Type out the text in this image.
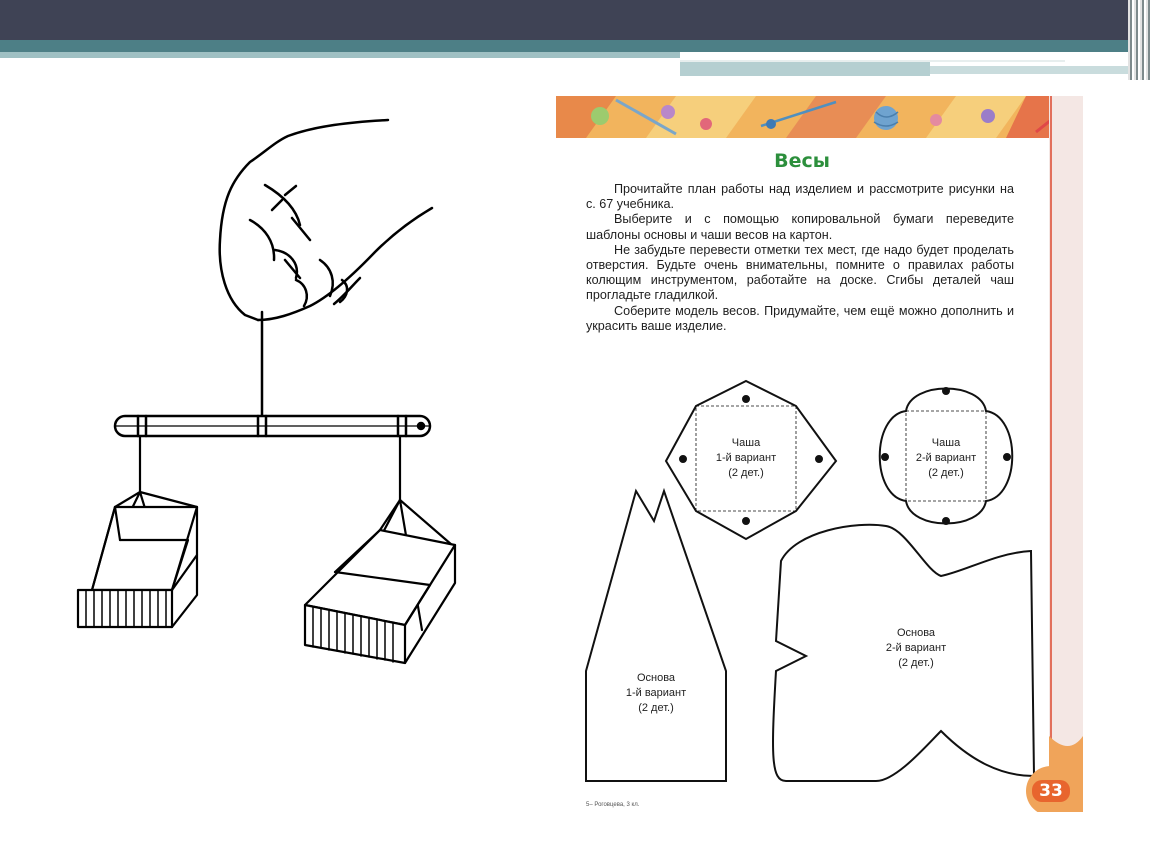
Весы

Прочитайте план работы над изделием и рассмотрите рисунки на с. 67 учебника.

Выберите и с помощью копировальной бумаги переведите шаблоны основы и чаши весов на картон.

Не забудьте перевести отметки тех мест, где надо будет проделать отверстия. Будьте очень внимательны, помните о правилах работы колющим инструментом, работайте на доске. Сгибы деталей чаш прогладьте гладилкой.

Соберите модель весов. Придумайте, чем ещё можно дополнить и украсить ваше изделие.

Чаша
1-й вариант
(2 дет.)
Чаша
2-й вариант
(2 дет.)
Основа
1-й вариант
(2 дет.)
Основа
2-й вариант
(2 дет.)
33
5– Роговцева, 3 кл.
